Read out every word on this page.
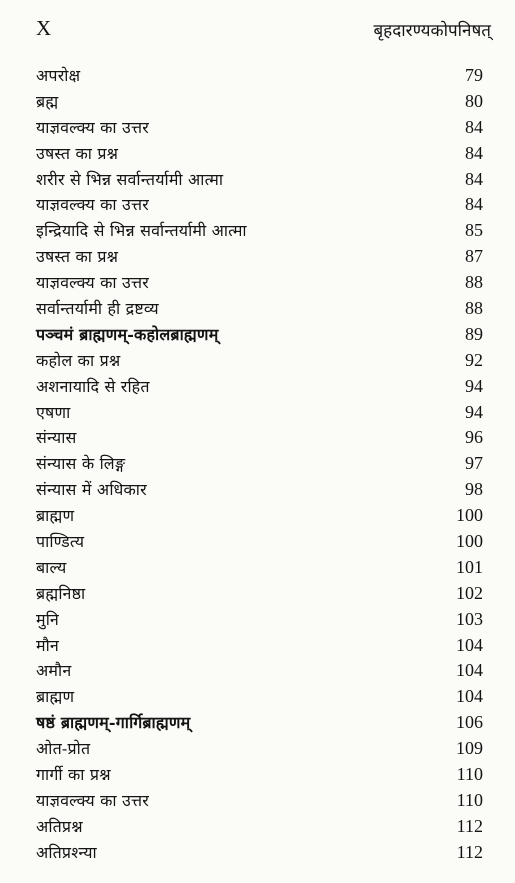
X	बृहदारण्यकोपनिषत्
अपरोक्ष	79
ब्रह्म	80
याज्ञवल्क्य का उत्तर	84
उषस्त का प्रश्न	84
शरीर से भिन्न सर्वान्तर्यामी आत्मा	84
याज्ञवल्क्य का उत्तर	84
इन्द्रियादि से भिन्न सर्वान्तर्यामी आत्मा	85
उषस्त का प्रश्न	87
याज्ञवल्क्य का उत्तर	88
सर्वान्तर्यामी ही द्रष्टव्य	88
पञ्चमं ब्राह्मणम्-कहोलब्राह्मणम्	89
कहोल का प्रश्न	92
अशनायादि से रहित	94
एषणा	94
संन्यास	96
संन्यास के लिङ्ग	97
संन्यास में अधिकार	98
ब्राह्मण	100
पाण्डित्य	100
बाल्य	101
ब्रह्मनिष्ठा	102
मुनि	103
मौन	104
अमौन	104
ब्राह्मण	104
षष्ठं ब्राह्मणम्-गार्गिब्राह्मणम्	106
ओत-प्रोत	109
गार्गी का प्रश्न	110
याज्ञवल्क्य का उत्तर	110
अतिप्रश्न	112
अतिप्रश्न्या	112
